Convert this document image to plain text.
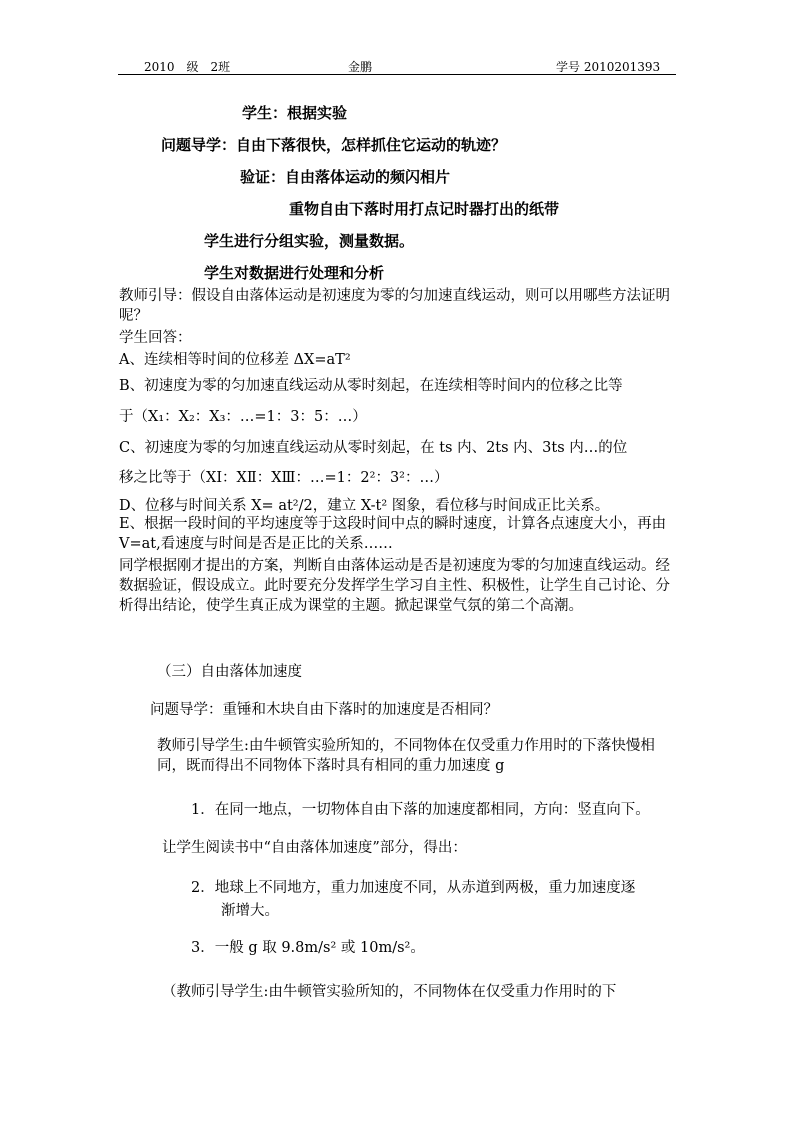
2010　级　2班	金鹏	学号 2010201393
学生：根据实验
问题导学：自由下落很快，怎样抓住它运动的轨迹？
验证：自由落体运动的频闪相片
重物自由下落时用打点记时器打出的纸带
学生进行分组实验，测量数据。
学生对数据进行处理和分析
教师引导：假设自由落体运动是初速度为零的匀加速直线运动，则可以用哪些方法证明呢？
学生回答：
A、连续相等时间的位移差 ΔX=aT²
B、初速度为零的匀加速直线运动从零时刻起，在连续相等时间内的位移之比等
于（X₁：X₂：X₃：…=1：3：5：…）
C、初速度为零的匀加速直线运动从零时刻起，在 ts 内、2ts 内、3ts 内…的位
移之比等于（XⅠ：XⅡ：XⅢ：…=1：2²：3²：…）
D、位移与时间关系 X= at²/2，建立 X-t² 图象，看位移与时间成正比关系。
E、根据一段时间的平均速度等于这段时间中点的瞬时速度，计算各点速度大小，再由 V=at,看速度与时间是否是正比的关系……
同学根据刚才提出的方案，判断自由落体运动是否是初速度为零的匀加速直线运动。经数据验证，假设成立。此时要充分发挥学生学习自主性、积极性，让学生自己讨论、分析得出结论，使学生真正成为课堂的主题。掀起课堂气氛的第二个高潮。
（三）自由落体加速度
问题导学：重锤和木块自由下落时的加速度是否相同？
教师引导学生:由牛顿管实验所知的，不同物体在仅受重力作用时的下落快慢相同，既而得出不同物体下落时具有相同的重力加速度 g
1．在同一地点，一切物体自由下落的加速度都相同，方向：竖直向下。
让学生阅读书中“自由落体加速度”部分，得出：
2．地球上不同地方，重力加速度不同，从赤道到两极，重力加速度逐
渐增大。
3．一般 g 取 9.8m/s² 或 10m/s²。
（教师引导学生:由牛顿管实验所知的，不同物体在仅受重力作用时的下
